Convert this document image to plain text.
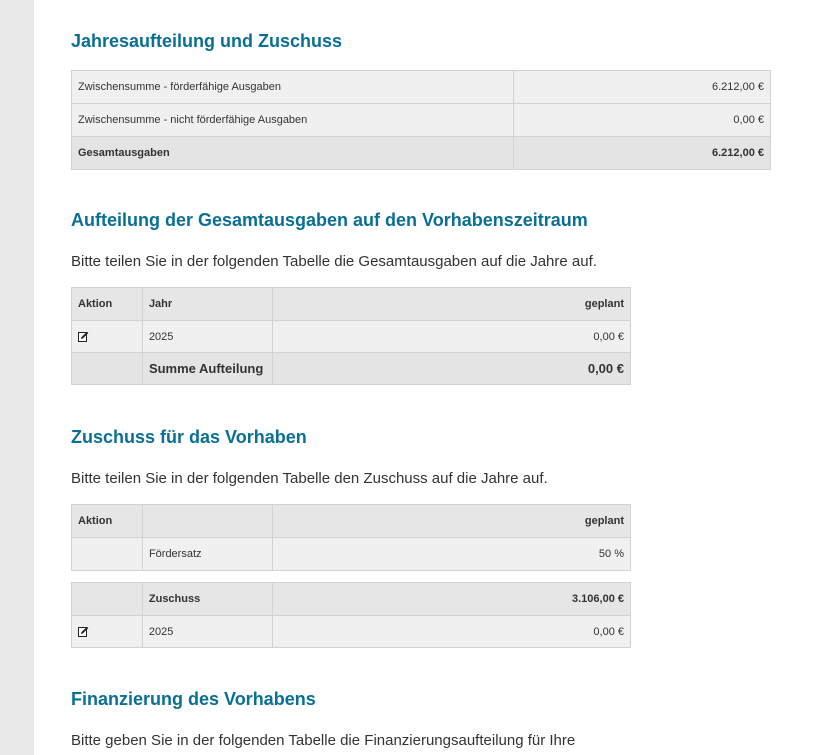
Jahresaufteilung und Zuschuss
Zwischensumme - förderfähige Ausgaben	6.212,00 €
Zwischensumme - nicht förderfähige Ausgaben	0,00 €
Gesamtausgaben	6.212,00 €
Aufteilung der Gesamtausgaben auf den Vorhabenszeitraum

Bitte teilen Sie in der folgenden Tabelle die Gesamtausgaben auf die Jahre auf.

Aktion	Jahr	geplant
	2025	0,00 €
	Summe Aufteilung	0,00 €
Zuschuss für das Vorhaben

Bitte teilen Sie in der folgenden Tabelle den Zuschuss auf die Jahre auf.

Aktion		geplant
	Fördersatz	50 %
	Zuschuss	3.106,00 €
	2025	0,00 €
Finanzierung des Vorhabens

Bitte geben Sie in der folgenden Tabelle die Finanzierungsaufteilung für Ihre
